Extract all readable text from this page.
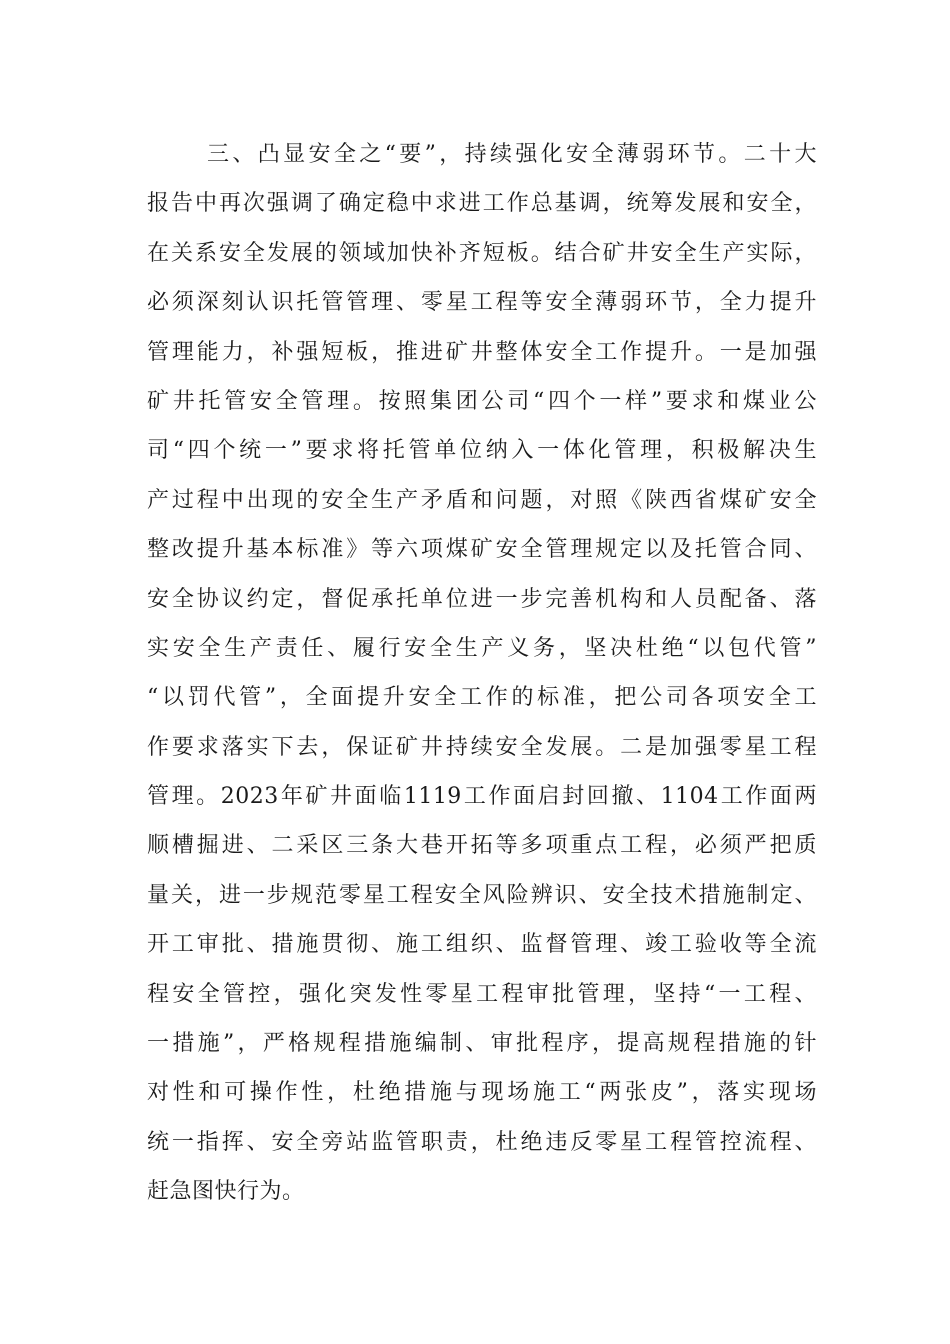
三、凸显安全之“要”，持续强化安全薄弱环节。二十大
报告中再次强调了确定稳中求进工作总基调，统筹发展和安全，
在关系安全发展的领域加快补齐短板。结合矿井安全生产实际，
必须深刻认识托管管理、零星工程等安全薄弱环节，全力提升
管理能力，补强短板，推进矿井整体安全工作提升。一是加强
矿井托管安全管理。按照集团公司“四个一样”要求和煤业公
司“四个统一”要求将托管单位纳入一体化管理，积极解决生
产过程中出现的安全生产矛盾和问题，对照《陕西省煤矿安全
整改提升基本标准》等六项煤矿安全管理规定以及托管合同、
安全协议约定，督促承托单位进一步完善机构和人员配备、落
实安全生产责任、履行安全生产义务，坚决杜绝“以包代管”
“以罚代管”，全面提升安全工作的标准，把公司各项安全工
作要求落实下去，保证矿井持续安全发展。二是加强零星工程
管理。2023年矿井面临1119工作面启封回撤、1104工作面两
顺槽掘进、二采区三条大巷开拓等多项重点工程，必须严把质
量关，进一步规范零星工程安全风险辨识、安全技术措施制定、
开工审批、措施贯彻、施工组织、监督管理、竣工验收等全流
程安全管控，强化突发性零星工程审批管理，坚持“一工程、
一措施”，严格规程措施编制、审批程序，提高规程措施的针
对性和可操作性，杜绝措施与现场施工“两张皮”，落实现场
统一指挥、安全旁站监管职责，杜绝违反零星工程管控流程、
赶急图快行为。
